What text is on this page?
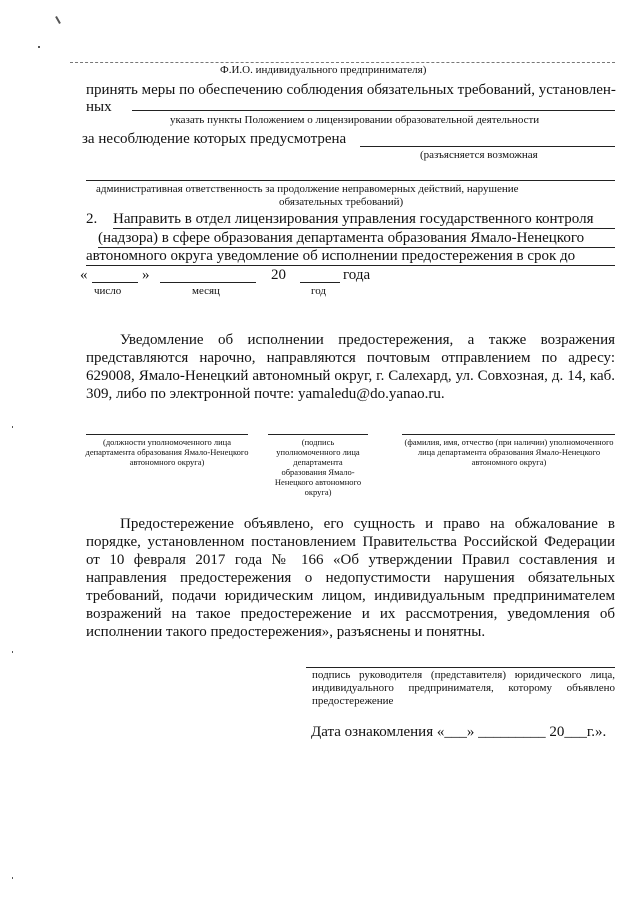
Ф.И.О. индивидуального предпринимателя)
принять меры по обеспечению соблюдения обязательных требований, установлен-
ных
указать пункты Положением о лицензировании образовательной деятельности
за несоблюдение которых предусмотрена
(разъясняется возможная
административная ответственность за продолжение неправомерных действий, нарушение
обязательных требований)
2. Направить в отдел лицензирования управления государственного контроля
(надзора) в сфере образования департамента образования Ямало-Ненецкого
автономного округа уведомление об исполнении предостережения в срок до
«	»	20	года
число	месяц	год

Уведомление об исполнении предостережения, а также возражения представляются нарочно, направляются почтовым отправлением по адресу: 629008, Ямало-Ненецкий автономный округ, г. Салехард, ул. Совхозная, д. 14, каб. 309, либо по электронной почте: yamaledu@do.yanao.ru.

(должности уполномоченного лица департамента образования Ямало-Ненецкого автономного округа)
(подпись уполномоченного лица департамента образования Ямало-Ненецкого автономного округа)
(фамилия, имя, отчество (при наличии) уполномоченного лица департамента образования Ямало-Ненецкого автономного округа)

Предостережение объявлено, его сущность и право на обжалование в порядке, установленном постановлением Правительства Российской Федерации от 10 февраля 2017 года № 166 «Об утверждении Правил составления и направления предостережения о недопустимости нарушения обязательных требований, подачи юридическим лицом, индивидуальным предпринимателем возражений на такое предостережение и их рассмотрения, уведомления об исполнении такого предостережения», разъяснены и понятны.

подпись руководителя (представителя) юридического лица, индивидуального предпринимателя, которому объявлено предостережение

Дата ознакомления «___» _________ 20___г.».
